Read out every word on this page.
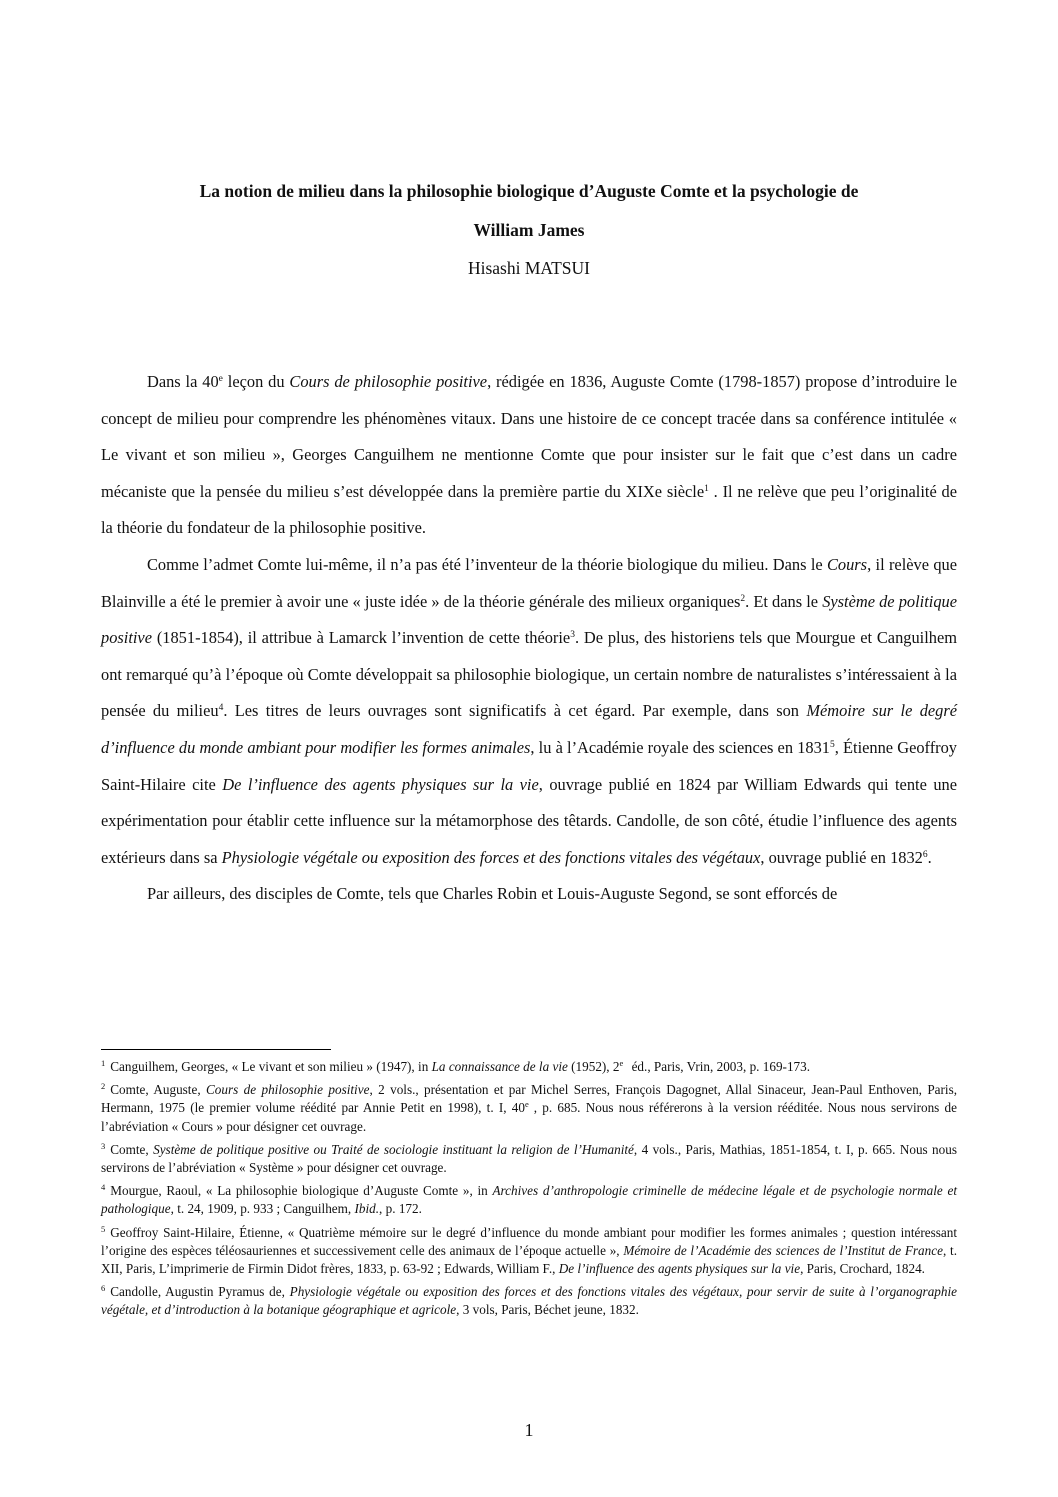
La notion de milieu dans la philosophie biologique d’Auguste Comte et la psychologie de

William James

Hisashi MATSUI

Dans la 40e leçon du Cours de philosophie positive, rédigée en 1836, Auguste Comte (1798-1857) propose d’introduire le concept de milieu pour comprendre les phénomènes vitaux. Dans une histoire de ce concept tracée dans sa conférence intitulée « Le vivant et son milieu », Georges Canguilhem ne mentionne Comte que pour insister sur le fait que c’est dans un cadre mécaniste que la pensée du milieu s’est développée dans la première partie du XIXe siècle$^1$ . Il ne relève que peu l’originalité de la théorie du fondateur de la philosophie positive.

Comme l’admet Comte lui-même, il n’a pas été l’inventeur de la théorie biologique du milieu. Dans le Cours, il relève que Blainville a été le premier à avoir une « juste idée » de la théorie générale des milieux organiques$^2$. Et dans le Système de politique positive (1851-1854), il attribue à Lamarck l’invention de cette théorie$^3$. De plus, des historiens tels que Mourgue et Canguilhem ont remarqué qu’à l’époque où Comte développait sa philosophie biologique, un certain nombre de naturalistes s’intéressaient à la pensée du milieu$^4$. Les titres de leurs ouvrages sont significatifs à cet égard. Par exemple, dans son Mémoire sur le degré d’influence du monde ambiant pour modifier les formes animales, lu à l’Académie royale des sciences en 1831$^5$, Étienne Geoffroy Saint-Hilaire cite De l’influence des agents physiques sur la vie, ouvrage publié en 1824 par William Edwards qui tente une expérimentation pour établir cette influence sur la métamorphose des têtards. Candolle, de son côté, étudie l’influence des agents extérieurs dans sa Physiologie végétale ou exposition des forces et des fonctions vitales des végétaux, ouvrage publié en 1832$^6$.

Par ailleurs, des disciples de Comte, tels que Charles Robin et Louis-Auguste Segond, se sont efforcés de

$^1$ Canguilhem, Georges, « Le vivant et son milieu » (1947), in La connaissance de la vie (1952), 2e éd., Paris, Vrin, 2003, p. 169-173.

$^2$ Comte, Auguste, Cours de philosophie positive, 2 vols., présentation et par Michel Serres, François Dagognet, Allal Sinaceur, Jean-Paul Enthoven, Paris, Hermann, 1975 (le premier volume réédité par Annie Petit en 1998), t. I, 40e , p. 685. Nous nous référerons à la version rééditée. Nous nous servirons de l’abréviation « Cours » pour désigner cet ouvrage.

$^3$ Comte, Système de politique positive ou Traité de sociologie instituant la religion de l’Humanité, 4 vols., Paris, Mathias, 1851-1854, t. I, p. 665. Nous nous servirons de l’abréviation « Système » pour désigner cet ouvrage.

$^4$ Mourgue, Raoul, « La philosophie biologique d’Auguste Comte », in Archives d’anthropologie criminelle de médecine légale et de psychologie normale et pathologique, t. 24, 1909, p. 933 ; Canguilhem, Ibid., p. 172.

$^5$ Geoffroy Saint-Hilaire, Étienne, « Quatrième mémoire sur le degré d’influence du monde ambiant pour modifier les formes animales ; question intéressant l’origine des espèces téléosauriennes et successivement celle des animaux de l’époque actuelle », Mémoire de l’Académie des sciences de l’Institut de France, t. XII, Paris, L’imprimerie de Firmin Didot frères, 1833, p. 63-92 ; Edwards, William F., De l’influence des agents physiques sur la vie, Paris, Crochard, 1824.

$^6$ Candolle, Augustin Pyramus de, Physiologie végétale ou exposition des forces et des fonctions vitales des végétaux, pour servir de suite à l’organographie végétale, et d’introduction à la botanique géographique et agricole, 3 vols, Paris, Béchet jeune, 1832.

1
